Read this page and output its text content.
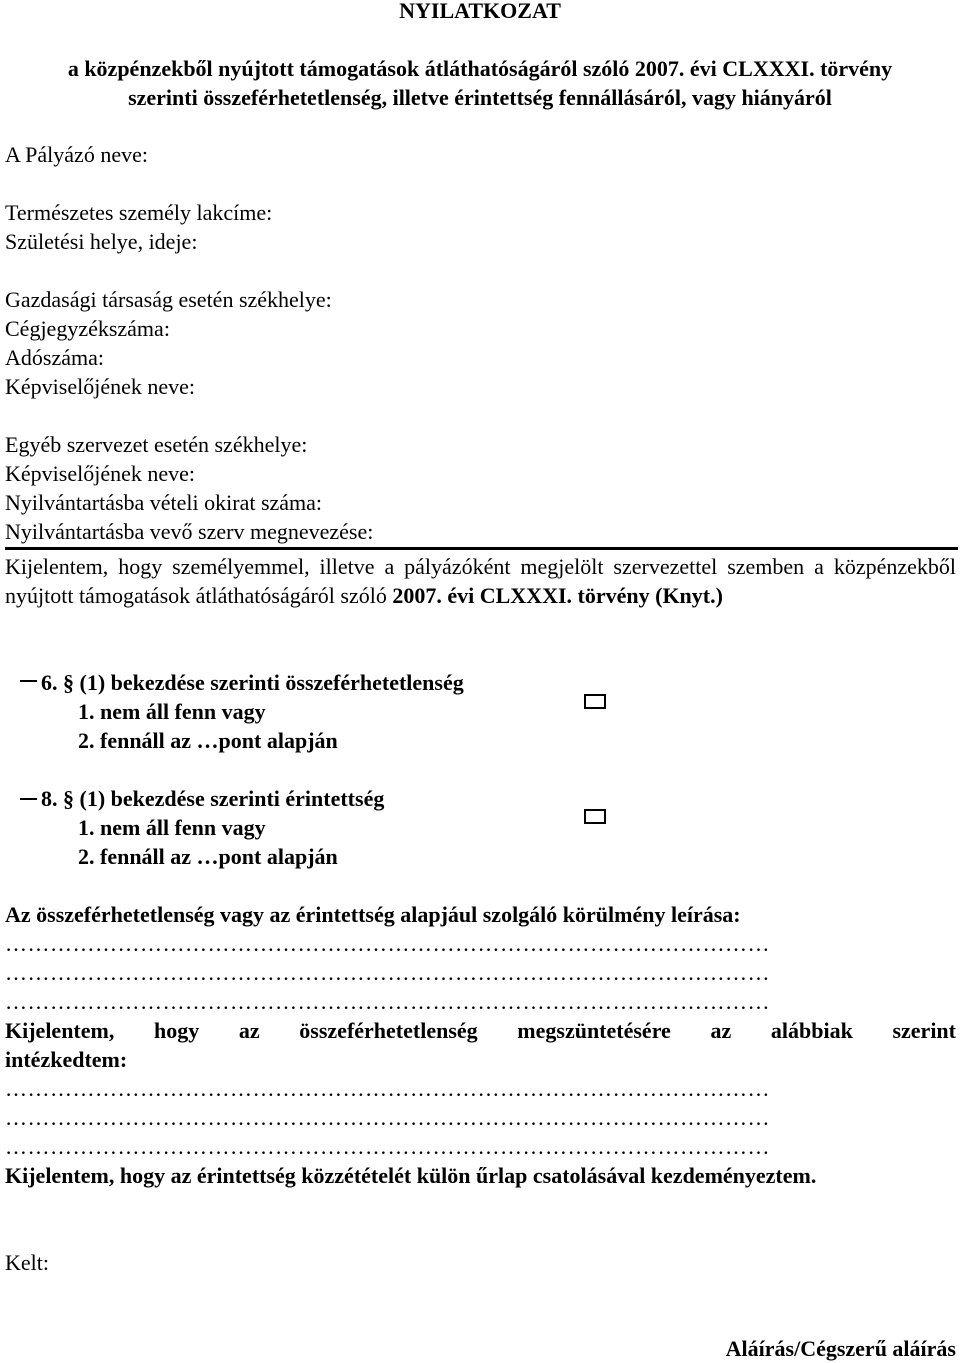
NYILATKOZAT
a közpénzekből nyújtott támogatások átláthatóságáról szóló 2007. évi CLXXXI. törvény
szerinti összeférhetetlenség, illetve érintettség fennállásáról, vagy hiányáról
A Pályázó neve:
Természetes személy lakcíme:
Születési helye, ideje:
Gazdasági társaság esetén székhelye:
Cégjegyzékszáma:
Adószáma:
Képviselőjének neve:
Egyéb szervezet esetén székhelye:
Képviselőjének neve:
Nyilvántartásba vételi okirat száma:
Nyilvántartásba vevő szerv megnevezése:
Kijelentem, hogy személyemmel, illetve a pályázóként megjelölt szervezettel szemben a közpénzekből nyújtott támogatások átláthatóságáról szóló 2007. évi CLXXXI. törvény (Knyt.)
6. § (1) bekezdése szerinti összeférhetetlenség
1. nem áll fenn vagy
2. fennáll az …pont alapján
8. § (1) bekezdése szerinti érintettség
1. nem áll fenn vagy
2. fennáll az …pont alapján
Az összeférhetetlenség vagy az érintettség alapjául szolgáló körülmény leírása:
…………………………………………………………………………………………
…………………………………………………………………………………………
…………………………………………………………………………………………
Kijelentem, hogy az összeférhetetlenség megszüntetésére az alábbiak szerint
intézkedtem:
…………………………………………………………………………………………
…………………………………………………………………………………………
…………………………………………………………………………………………
Kijelentem, hogy az érintettség közzétételét külön űrlap csatolásával kezdeményeztem.
Kelt:
Aláírás/Cégszerű aláírás
